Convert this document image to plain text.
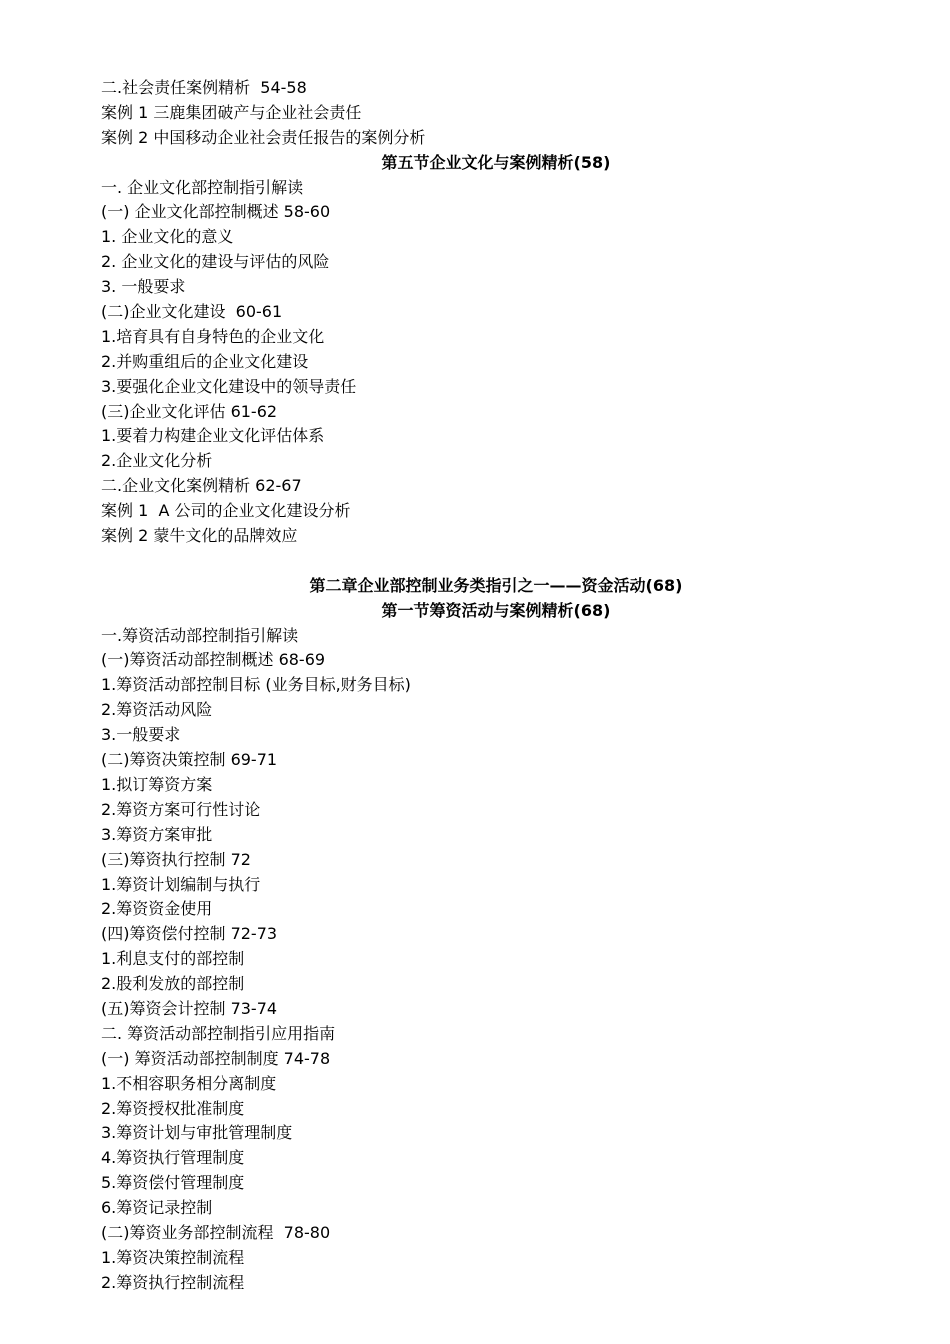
二.社会责任案例精析  54-58
案例 1 三鹿集团破产与企业社会责任
案例 2 中国移动企业社会责任报告的案例分析
第五节企业文化与案例精析(58)
一. 企业文化部控制指引解读
(一) 企业文化部控制概述 58-60
1. 企业文化的意义
2. 企业文化的建设与评估的风险
3. 一般要求
(二)企业文化建设  60-61
1.培育具有自身特色的企业文化
2.并购重组后的企业文化建设
3.要强化企业文化建设中的领导责任
(三)企业文化评估 61-62
1.要着力构建企业文化评估体系
2.企业文化分析
二.企业文化案例精析 62-67
案例 1  A 公司的企业文化建设分析
案例 2 蒙牛文化的品牌效应
第二章企业部控制业务类指引之一——资金活动(68)
第一节筹资活动与案例精析(68)
一.筹资活动部控制指引解读
(一)筹资活动部控制概述 68-69
1.筹资活动部控制目标 (业务目标,财务目标)
2.筹资活动风险
3.一般要求
(二)筹资决策控制 69-71
1.拟订筹资方案
2.筹资方案可行性讨论
3.筹资方案审批
(三)筹资执行控制 72
1.筹资计划编制与执行
2.筹资资金使用
(四)筹资偿付控制 72-73
1.利息支付的部控制
2.股利发放的部控制
(五)筹资会计控制 73-74
二. 筹资活动部控制指引应用指南
(一) 筹资活动部控制制度 74-78
1.不相容职务相分离制度
2.筹资授权批准制度
3.筹资计划与审批管理制度
4.筹资执行管理制度
5.筹资偿付管理制度
6.筹资记录控制
(二)筹资业务部控制流程  78-80
1.筹资决策控制流程
2.筹资执行控制流程
